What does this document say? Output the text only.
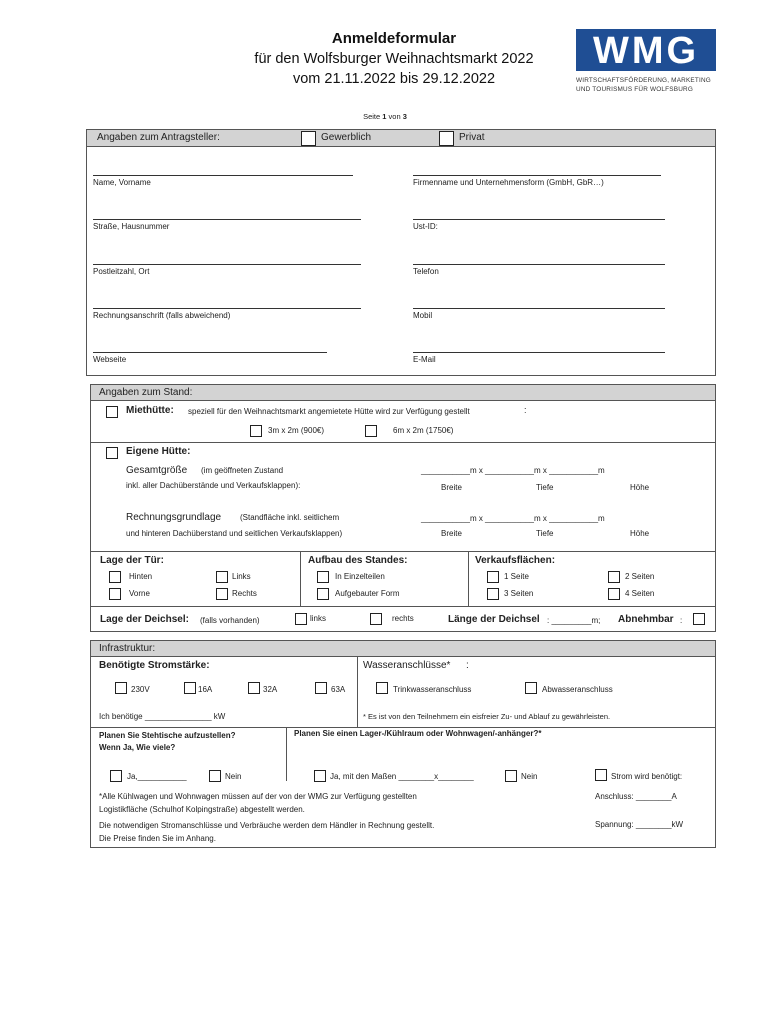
Anmeldeformular
für den Wolfsburger Weihnachtsmarkt 2022
vom 21.11.2022 bis 29.12.2022
WMG
WIRTSCHAFTSFÖRDERUNG, MARKETING
UND TOURISMUS FÜR WOLFSBURG
Seite 1 von 3
Angaben zum Antragsteller:	Gewerblich	Privat
Name, Vorname	Firmenname und Unternehmensform (GmbH, GbR…)
Straße, Hausnummer	Ust-ID:
Postleitzahl, Ort	Telefon
Rechnungsanschrift (falls abweichend)	Mobil
Webseite	E-Mail
Angaben zum Stand:
Miethütte: speziell für den Weihnachtsmarkt angemietete Hütte wird zur Verfügung gestellt	:
3m x 2m (900€)	6m x 2m (1750€)
Eigene Hütte:
Gesamtgröße (im geöffneten Zustand
inkl. aller Dachüberstände und Verkaufsklappen):
___________m x ___________m x ___________m
Breite	Tiefe	Höhe
Rechnungsgrundlage (Standfläche inkl. seitlichem
und hinteren Dachüberstand und seitlichen Verkaufsklappen)
___________m x ___________m x ___________m
Breite	Tiefe	Höhe
Lage der Tür:
Hinten	Links
Vorne	Rechts
Aufbau des Standes:
In Einzelteilen
Aufgebauter Form
Verkaufsflächen:
1 Seite	2 Seiten
3 Seiten	4 Seiten
Lage der Deichsel: (falls vorhanden)	links	rechts	Länge der Deichsel : _________m; Abnehmbar :
Infrastruktur:
Benötigte Stromstärke:	Wasseranschlüsse* :
230V	16A	32A	63A	Trinkwasseranschluss	Abwasseranschluss
Ich benötige _______________ kW	* Es ist von den Teilnehmern ein eisfreier Zu- und Ablauf zu gewährleisten.
Planen Sie Stehtische aufzustellen?
Wenn Ja, Wie viele?
Planen Sie einen Lager-/Kühlraum oder Wohnwagen/-anhänger?*
Ja,___________	Nein	Ja, mit den Maßen ________x________	Nein	Strom wird benötigt:
*Alle Kühlwagen und Wohnwagen müssen auf der von der WMG zur Verfügung gestellten
Logistikfläche (Schulhof Kolpingstraße) abgestellt werden.
Die notwendigen Stromanschlüsse und Verbräuche werden dem Händler in Rechnung gestellt.
Die Preise finden Sie im Anhang.
Anschluss: ________A
Spannung: ________kW
